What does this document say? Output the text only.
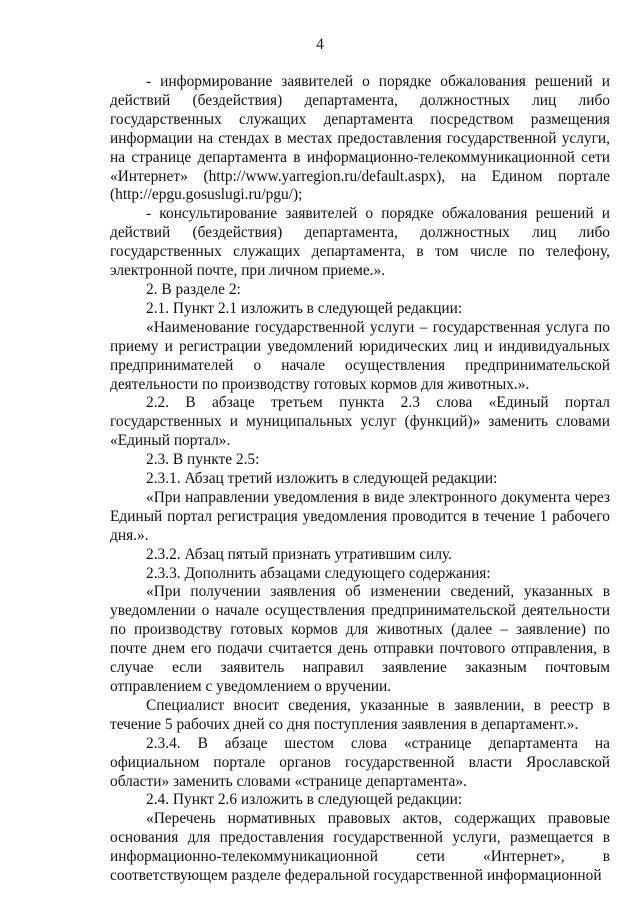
4

- информирование заявителей о порядке обжалования решений и действий (бездействия) департамента, должностных лиц либо государственных служащих департамента посредством размещения информации на стендах в местах предоставления государственной услуги, на странице департамента в информационно-телекоммуникационной сети «Интернет» (http://www.yarregion.ru/default.aspx), на Едином портале (http://epgu.gosuslugi.ru/pgu/);

- консультирование заявителей о порядке обжалования решений и действий (бездействия) департамента, должностных лиц либо государственных служащих департамента, в том числе по телефону, электронной почте, при личном приеме.».

2. В разделе 2:

2.1. Пункт 2.1 изложить в следующей редакции:

«Наименование государственной услуги – государственная услуга по приему и регистрации уведомлений юридических лиц и индивидуальных предпринимателей о начале осуществления предпринимательской деятельности по производству готовых кормов для животных.».

2.2. В абзаце третьем пункта 2.3 слова «Единый портал государственных и муниципальных услуг (функций)» заменить словами «Единый портал».

2.3. В пункте 2.5:

2.3.1. Абзац третий изложить в следующей редакции:

«При направлении уведомления в виде электронного документа через Единый портал регистрация уведомления проводится в течение 1 рабочего дня.».

2.3.2. Абзац пятый признать утратившим силу.

2.3.3. Дополнить абзацами следующего содержания:

«При получении заявления об изменении сведений, указанных в уведомлении о начале осуществления предпринимательской деятельности по производству готовых кормов для животных (далее – заявление) по почте днем его подачи считается день отправки почтового отправления, в случае если заявитель направил заявление заказным почтовым отправлением с уведомлением о вручении.

Специалист вносит сведения, указанные в заявлении, в реестр в течение 5 рабочих дней со дня поступления заявления в департамент.».

2.3.4. В абзаце шестом слова «странице департамента на официальном портале органов государственной власти Ярославской области» заменить словами «странице департамента».

2.4. Пункт 2.6 изложить в следующей редакции:

«Перечень нормативных правовых актов, содержащих правовые основания для предоставления государственной услуги, размещается в информационно-телекоммуникационной сети «Интернет», в соответствующем разделе федеральной государственной информационной
